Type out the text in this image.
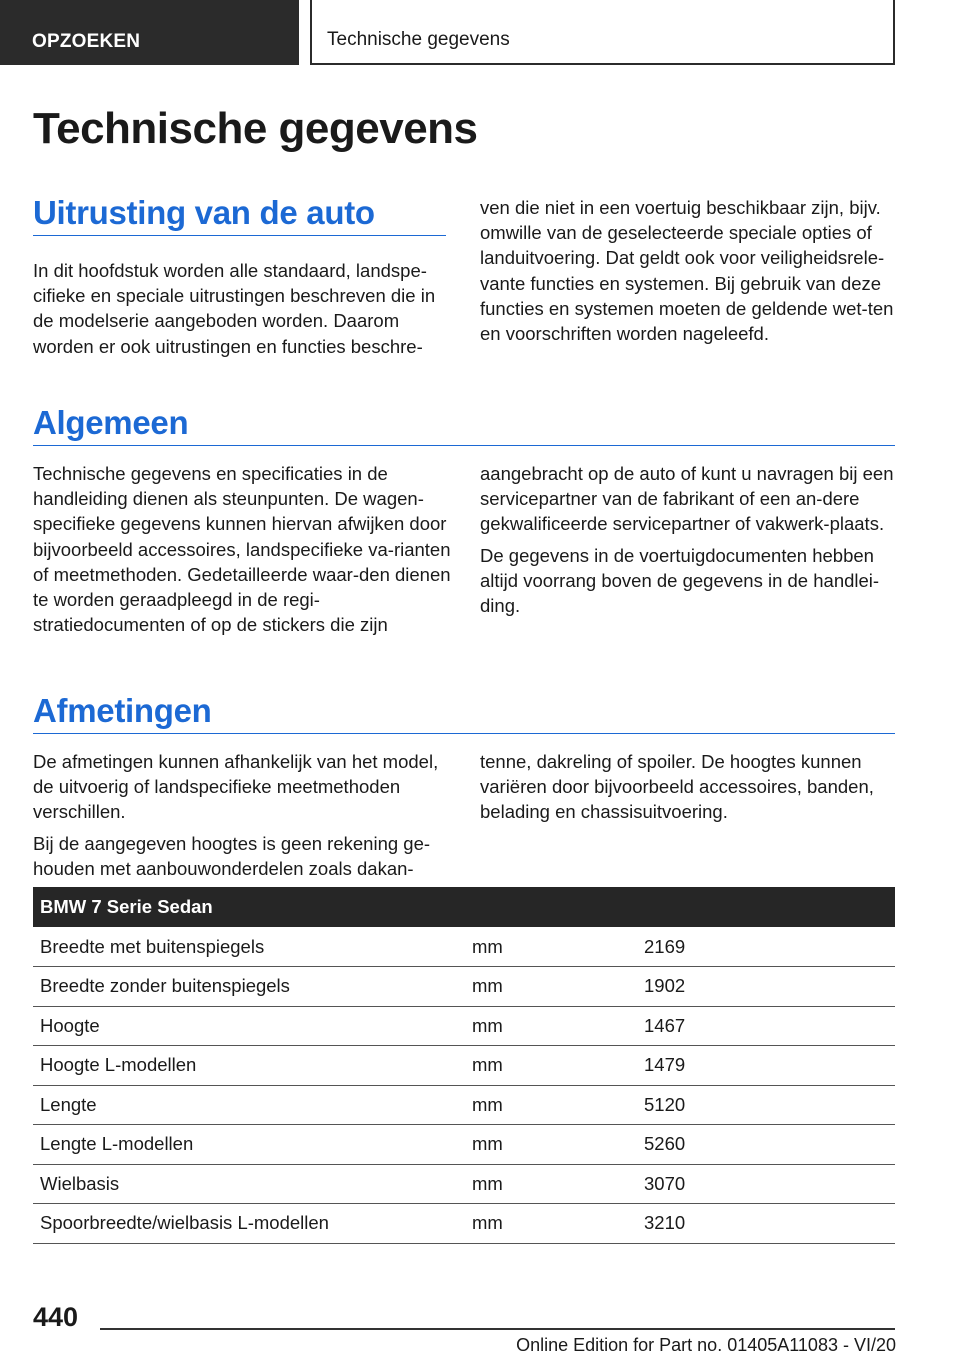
OPZOEKEN	Technische gegevens
Technische gegevens
Uitrusting van de auto

In dit hoofdstuk worden alle standaard, landspe-cifieke en speciale uitrustingen beschreven die in de modelserie aangeboden worden. Daarom worden er ook uitrustingen en functies beschre-

ven die niet in een voertuig beschikbaar zijn, bijv. omwille van de geselecteerde speciale opties of landuitvoering. Dat geldt ook voor veiligheidsrele-vante functies en systemen. Bij gebruik van deze functies en systemen moeten de geldende wet-ten en voorschriften worden nageleefd.

Algemeen

Technische gegevens en specificaties in de handleiding dienen als steunpunten. De wagen-specifieke gegevens kunnen hiervan afwijken door bijvoorbeeld accessoires, landspecifieke va-rianten of meetmethoden. Gedetailleerde waar-den dienen te worden geraadpleegd in de regi-stratiedocumenten of op de stickers die zijn

aangebracht op de auto of kunt u navragen bij een servicepartner van de fabrikant of een an-dere gekwalificeerde servicepartner of vakwerk-plaats.

De gegevens in de voertuigdocumenten hebben altijd voorrang boven de gegevens in de handlei-ding.

Afmetingen

De afmetingen kunnen afhankelijk van het model, de uitvoerig of landspecifieke meetmethoden verschillen.

Bij de aangegeven hoogtes is geen rekening ge-houden met aanbouwonderdelen zoals dakan-

tenne, dakreling of spoiler. De hoogtes kunnen variëren door bijvoorbeeld accessoires, banden, belading en chassisuitvoering.

BMW 7 Serie Sedan		
Breedte met buitenspiegels	mm	2169
Breedte zonder buitenspiegels	mm	1902
Hoogte	mm	1467
Hoogte L-modellen	mm	1479
Lengte	mm	5120
Lengte L-modellen	mm	5260
Wielbasis	mm	3070
Spoorbreedte/wielbasis L-modellen	mm	3210
440
Online Edition for Part no. 01405A11083 - VI/20
